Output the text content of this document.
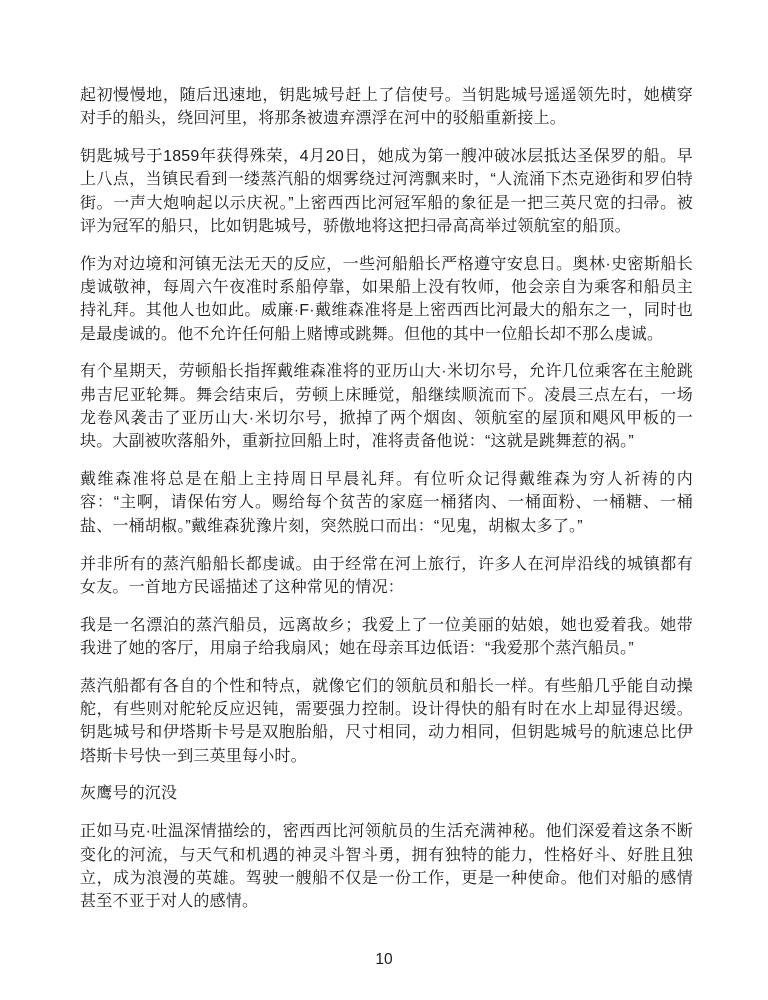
起初慢慢地，随后迅速地，钥匙城号赶上了信使号。当钥匙城号遥遥领先时，她横穿对手的船头，绕回河里，将那条被遗弃漂浮在河中的驳船重新接上。

钥匙城号于1859年获得殊荣，4月20日，她成为第一艘冲破冰层抵达圣保罗的船。早上八点，当镇民看到一缕蒸汽船的烟雾绕过河湾飘来时，“人流涌下杰克逊街和罗伯特街。一声大炮响起以示庆祝。”上密西西比河冠军船的象征是一把三英尺宽的扫帚。被评为冠军的船只，比如钥匙城号，骄傲地将这把扫帚高高举过领航室的船顶。

作为对边境和河镇无法无天的反应，一些河船船长严格遵守安息日。奥林·史密斯船长虔诚敬神，每周六午夜准时系船停靠，如果船上没有牧师，他会亲自为乘客和船员主持礼拜。其他人也如此。威廉·F·戴维森准将是上密西西比河最大的船东之一，同时也是最虔诚的。他不允许任何船上赌博或跳舞。但他的其中一位船长却不那么虔诚。

有个星期天，劳顿船长指挥戴维森准将的亚历山大·米切尔号，允许几位乘客在主舱跳弗吉尼亚轮舞。舞会结束后，劳顿上床睡觉，船继续顺流而下。凌晨三点左右，一场龙卷风袭击了亚历山大·米切尔号，掀掉了两个烟囱、领航室的屋顶和飓风甲板的一块。大副被吹落船外，重新拉回船上时，准将责备他说：“这就是跳舞惹的祸。”

戴维森准将总是在船上主持周日早晨礼拜。有位听众记得戴维森为穷人祈祷的内容：“主啊，请保佑穷人。赐给每个贫苦的家庭一桶猪肉、一桶面粉、一桶糖、一桶盐、一桶胡椒。”戴维森犹豫片刻，突然脱口而出：“见鬼，胡椒太多了。”

并非所有的蒸汽船船长都虔诚。由于经常在河上旅行，许多人在河岸沿线的城镇都有女友。一首地方民谣描述了这种常见的情况：

我是一名漂泊的蒸汽船员，远离故乡；我爱上了一位美丽的姑娘，她也爱着我。她带我进了她的客厅，用扇子给我扇风；她在母亲耳边低语：“我爱那个蒸汽船员。”

蒸汽船都有各自的个性和特点，就像它们的领航员和船长一样。有些船几乎能自动操舵，有些则对舵轮反应迟钝，需要强力控制。设计得快的船有时在水上却显得迟缓。钥匙城号和伊塔斯卡号是双胞胎船，尺寸相同，动力相同，但钥匙城号的航速总比伊塔斯卡号快一到三英里每小时。

灰鹰号的沉没

正如马克·吐温深情描绘的，密西西比河领航员的生活充满神秘。他们深爱着这条不断变化的河流，与天气和机遇的神灵斗智斗勇，拥有独特的能力，性格好斗、好胜且独立，成为浪漫的英雄。驾驶一艘船不仅是一份工作，更是一种使命。他们对船的感情甚至不亚于对人的感情。

10
